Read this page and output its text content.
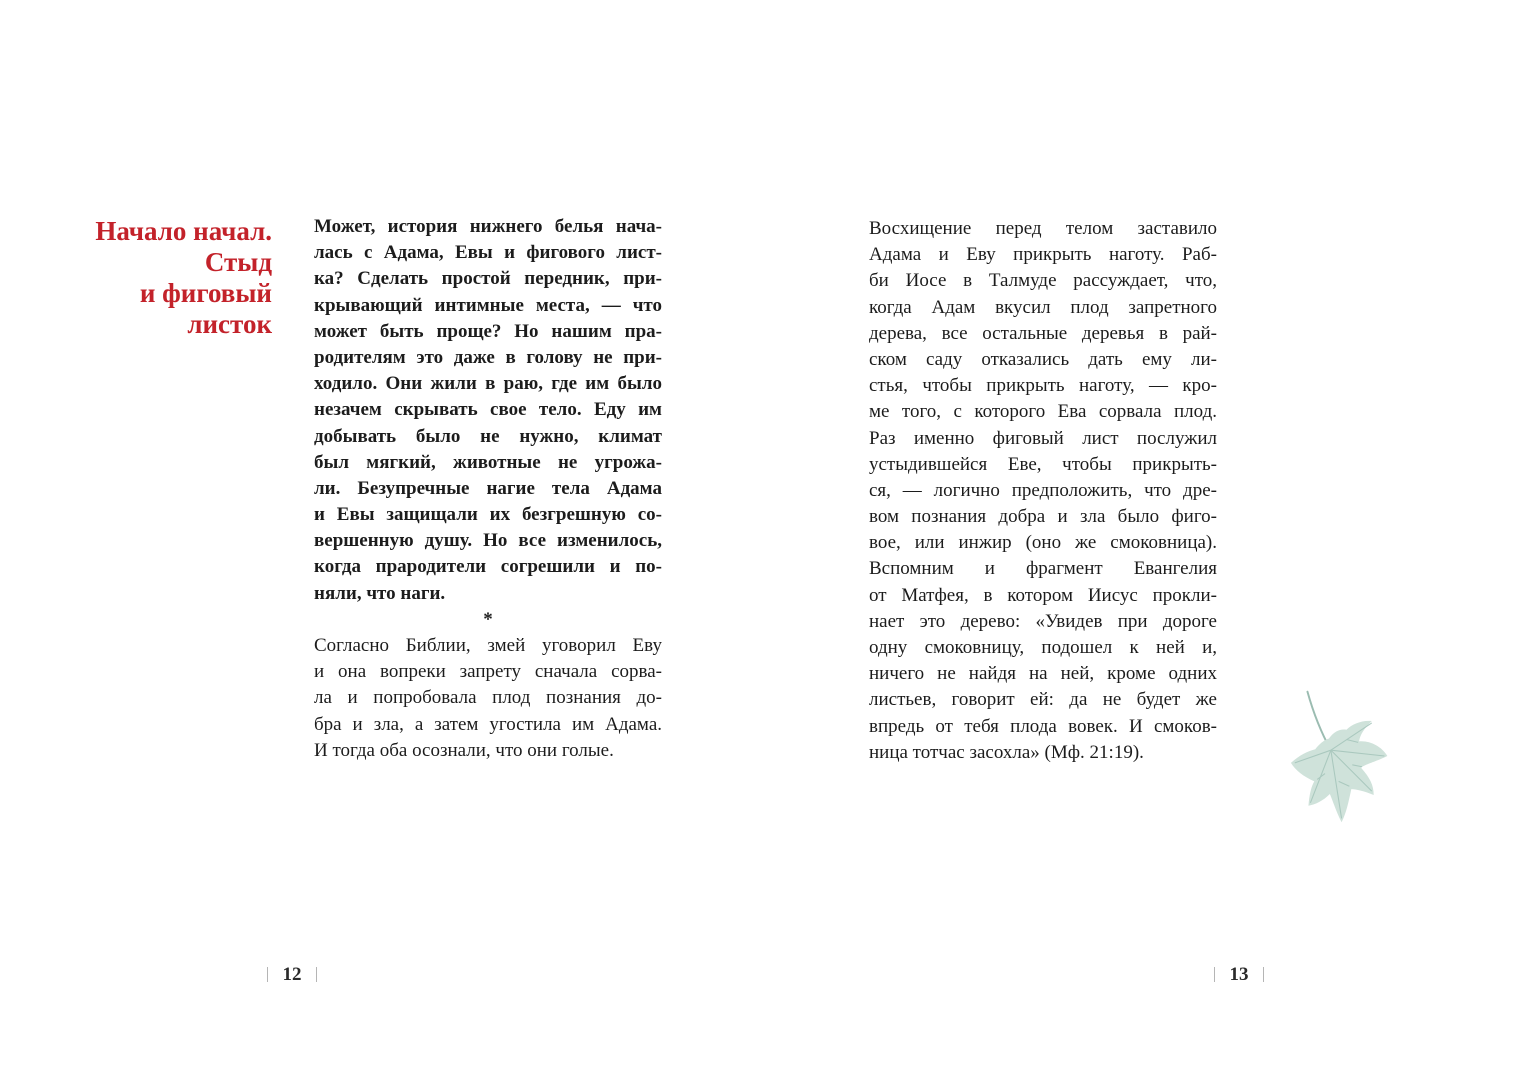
Начало начал.
Стыд
и фиговый
листок
Может, история нижнего белья нача-
лась с Адама, Евы и фигового лист-
ка? Сделать простой передник, при-
крывающий интимные места, — что
может быть проще? Но нашим пра-
родителям это даже в голову не при-
ходило. Они жили в раю, где им было
незачем скрывать свое тело. Еду им
добывать было не нужно, климат
был мягкий, животные не угрожа-
ли. Безупречные нагие тела Адама
и Евы защищали их безгрешную со-
вершенную душу. Но все изменилось,
когда прародители согрешили и по-
няли, что наги.
*
Согласно Библии, змей уговорил Еву
и она вопреки запрету сначала сорва-
ла и попробовала плод познания до-
бра и зла, а затем угостила им Адама.
И тогда оба осознали, что они голые.
12
Восхищение перед телом заставило
Адама и Еву прикрыть наготу. Раб-
би Иосе в Талмуде рассуждает, что,
когда Адам вкусил плод запретного
дерева, все остальные деревья в рай-
ском саду отказались дать ему ли-
стья, чтобы прикрыть наготу, — кро-
ме того, с которого Ева сорвала плод.
Раз именно фиговый лист послужил
устыдившейся Еве, чтобы прикрыть-
ся, — логично предположить, что дре-
вом познания добра и зла было фиго-
вое, или инжир (оно же смоковница).
Вспомним и фрагмент Евангелия
от Матфея, в котором Иисус прокли-
нает это дерево: «Увидев при дороге
одну смоковницу, подошел к ней и,
ничего не найдя на ней, кроме одних
листьев, говорит ей: да не будет же
впредь от тебя плода вовек. И смоков-
ница тотчас засохла» (Мф. 21:19).
13
